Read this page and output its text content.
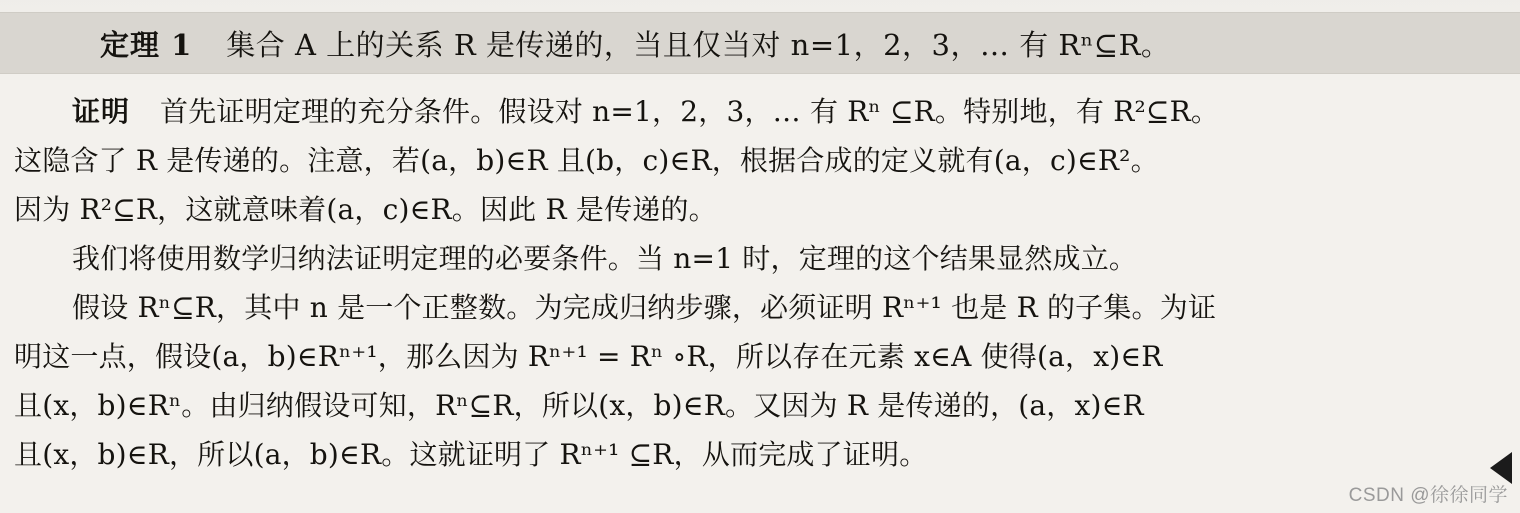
定理 1 集合 A 上的关系 R 是传递的，当且仅当对 n=1，2，3，… 有 Rⁿ⊆R。

证明 首先证明定理的充分条件。假设对 n=1，2，3，… 有 Rⁿ ⊆R。特别地，有 R²⊆R。

这隐含了 R 是传递的。注意，若(a，b)∈R 且(b，c)∈R，根据合成的定义就有(a，c)∈R²。

因为 R²⊆R，这就意味着(a，c)∈R。因此 R 是传递的。

我们将使用数学归纳法证明定理的必要条件。当 n=1 时，定理的这个结果显然成立。

假设 Rⁿ⊆R，其中 n 是一个正整数。为完成归纳步骤，必须证明 Rⁿ⁺¹ 也是 R 的子集。为证

明这一点，假设(a，b)∈Rⁿ⁺¹，那么因为 Rⁿ⁺¹ = Rⁿ ∘R，所以存在元素 x∈A 使得(a，x)∈R

且(x，b)∈Rⁿ。由归纳假设可知，Rⁿ⊆R，所以(x，b)∈R。又因为 R 是传递的，(a，x)∈R

且(x，b)∈R，所以(a，b)∈R。这就证明了 Rⁿ⁺¹ ⊆R，从而完成了证明。

CSDN @徐徐同学
